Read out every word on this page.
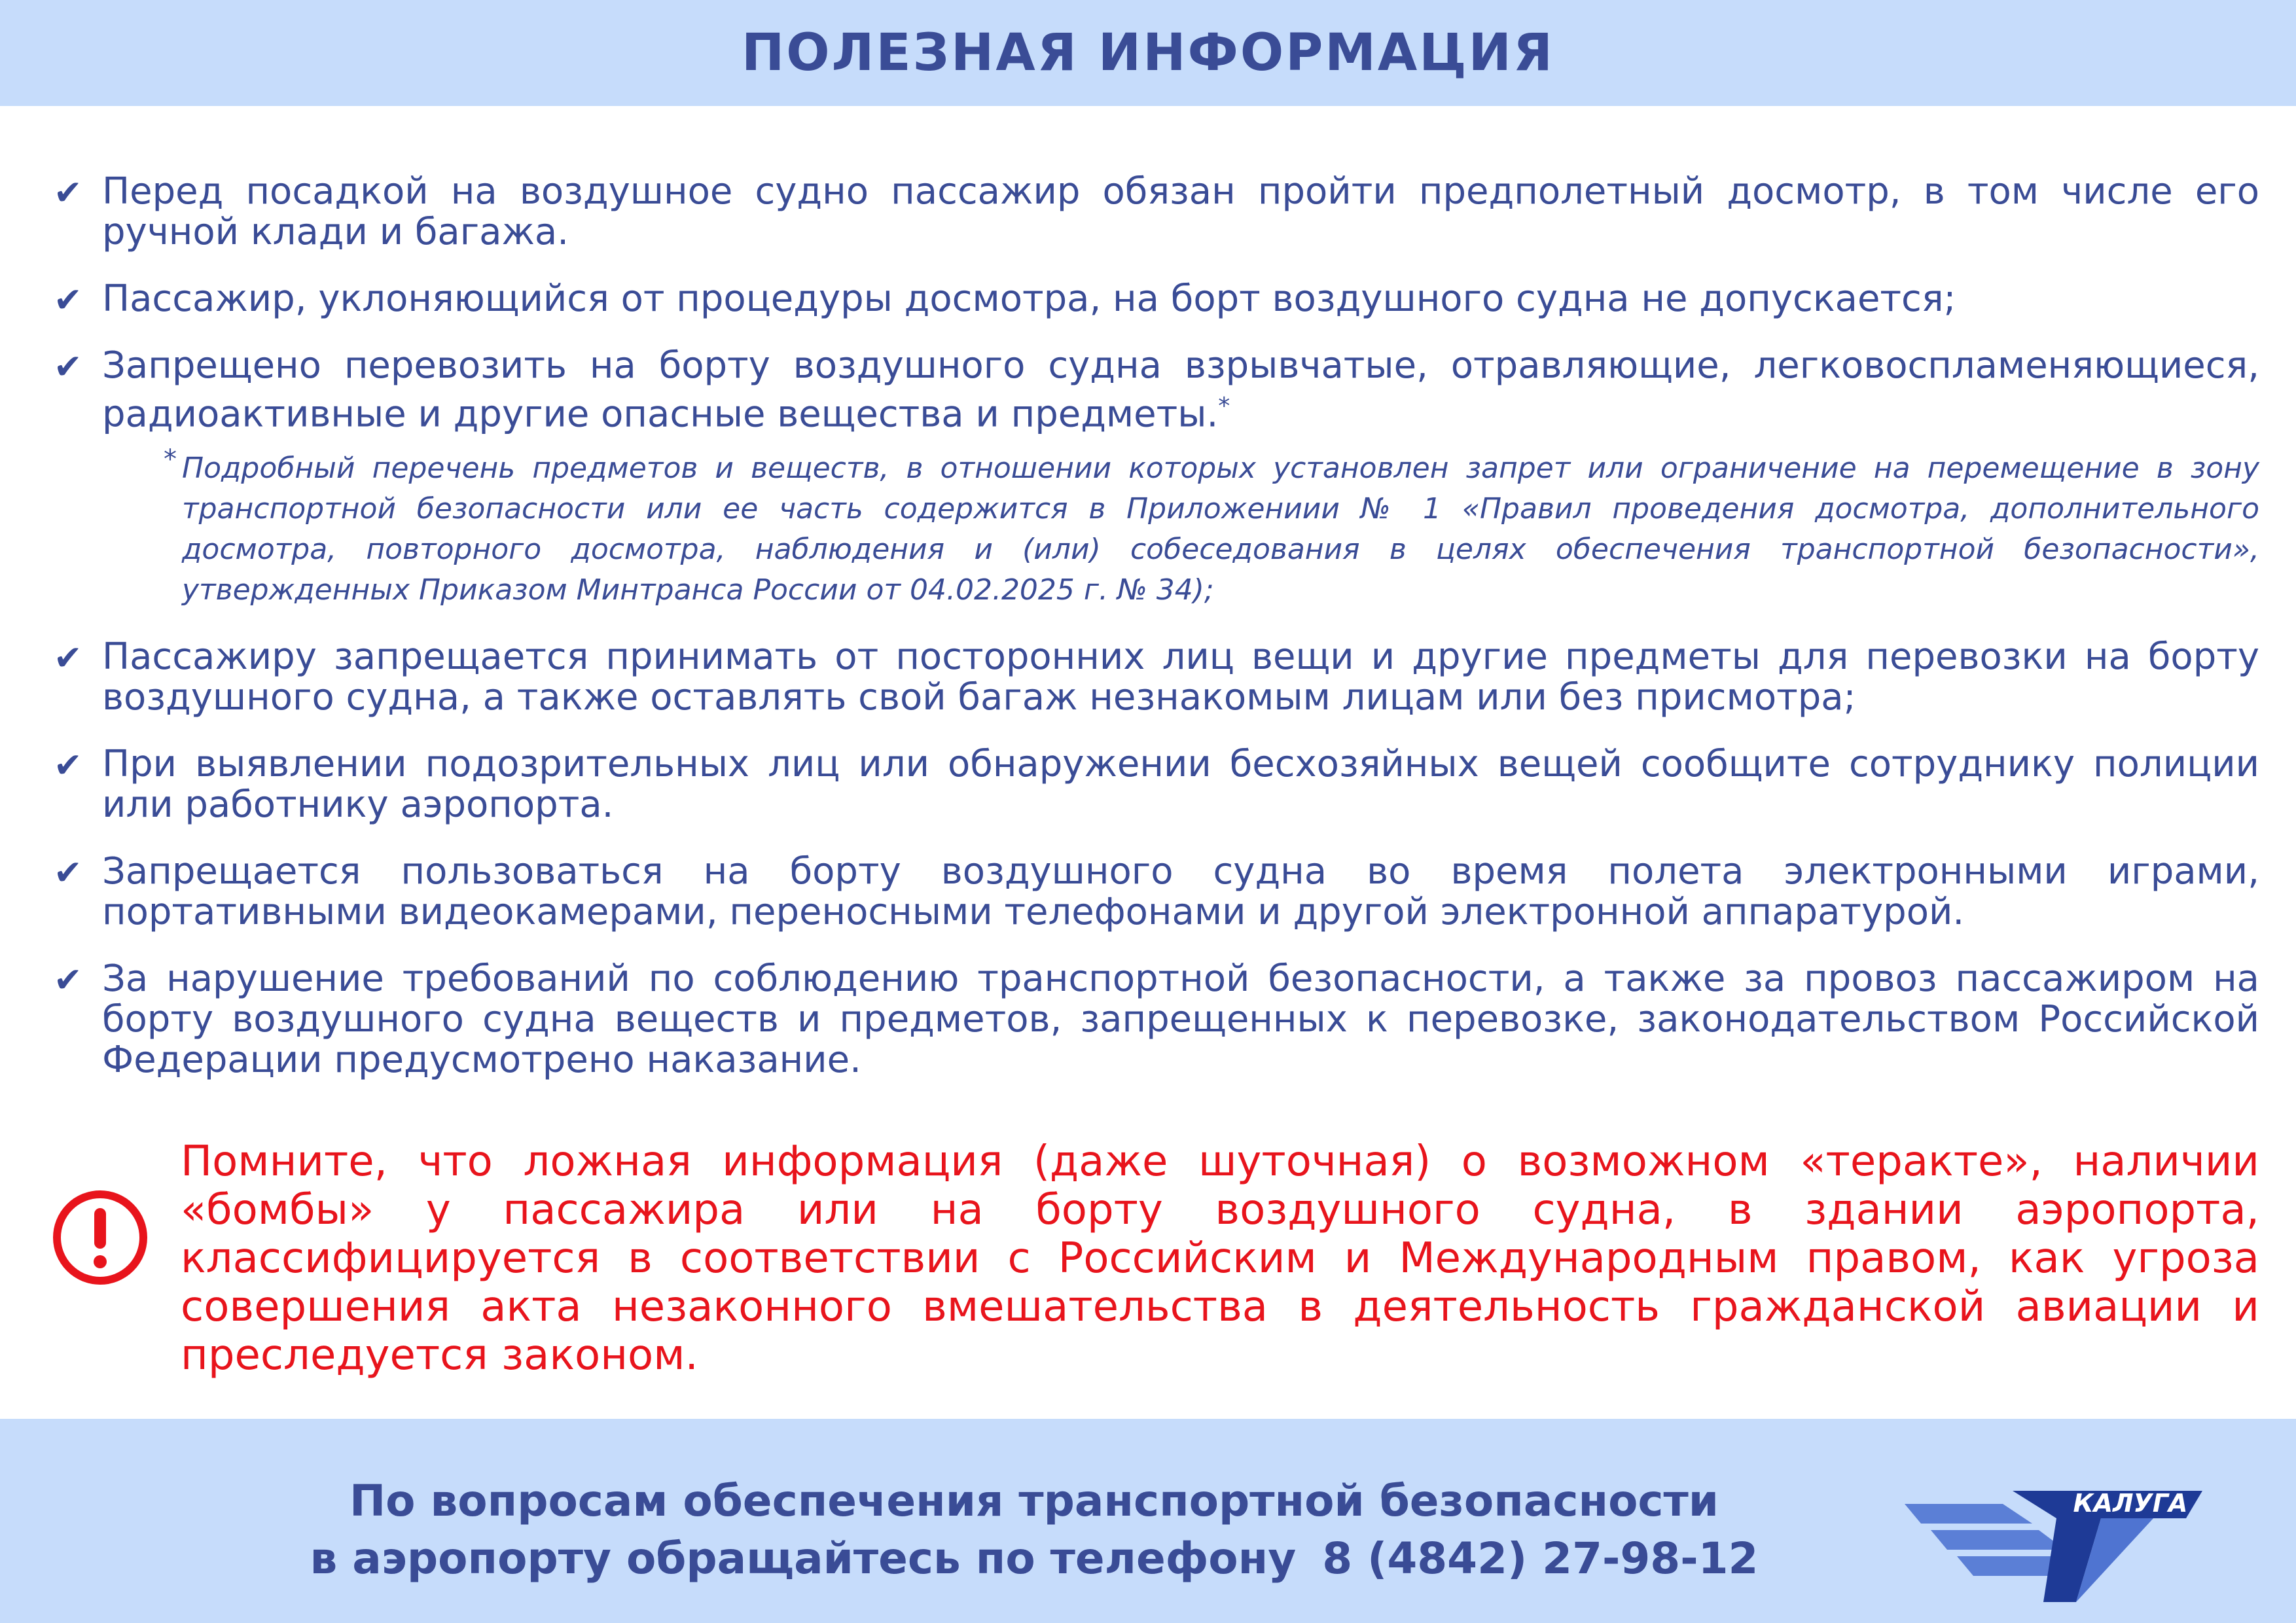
ПОЛЕЗНАЯ ИНФОРМАЦИЯ
✔ Перед посадкой на воздушное судно пассажир обязан пройти предполетный досмотр, в том числе его ручной клади и багажа.
✔ Пассажир, уклоняющийся от процедуры досмотра, на борт воздушного судна не допускается;
✔ Запрещено перевозить на борту воздушного судна взрывчатые, отравляющие, легковоспламеняющиеся, радиоактивные и другие опасные вещества и предметы.*
* Подробный перечень предметов и веществ, в отношении которых установлен запрет или ограничение на перемещение в зону транспортной безопасности или ее часть содержится в Приложениии № 1 «Правил проведения досмотра, дополнительного досмотра, повторного досмотра, наблюдения и (или) собеседования в целях обеспечения транспортной безопасности», утвержденных Приказом Минтранса России от 04.02.2025 г. № 34);
✔ Пассажиру запрещается принимать от посторонних лиц вещи и другие предметы для перевозки на борту воздушного судна, а также оставлять свой багаж незнакомым лицам или без присмотра;
✔ При выявлении подозрительных лиц или обнаружении бесхозяйных вещей сообщите сотруднику полиции или работнику аэропорта.
✔ Запрещается пользоваться на борту воздушного судна во время полета электронными играми, портативными видеокамерами, переносными телефонами и другой электронной аппаратурой.
✔ За нарушение требований по соблюдению транспортной безопасности, а также за провоз пассажиром на борту воздушного судна веществ и предметов, запрещенных к перевозке, законодательством Российской Федерации предусмотрено наказание.
Помните, что ложная информация (даже шуточная) о возможном «теракте», наличии «бомбы» у пассажира или на борту воздушного судна, в здании аэропорта, классифицируется в соответствии с Российским и Международным правом, как угроза совершения акта незаконного вмешательства в деятельность гражданской авиации и преследуется законом.
По вопросам обеспечения транспортной безопасности
в аэропорту обращайтесь по телефону 8 (4842) 27-98-12
КАЛУГА
